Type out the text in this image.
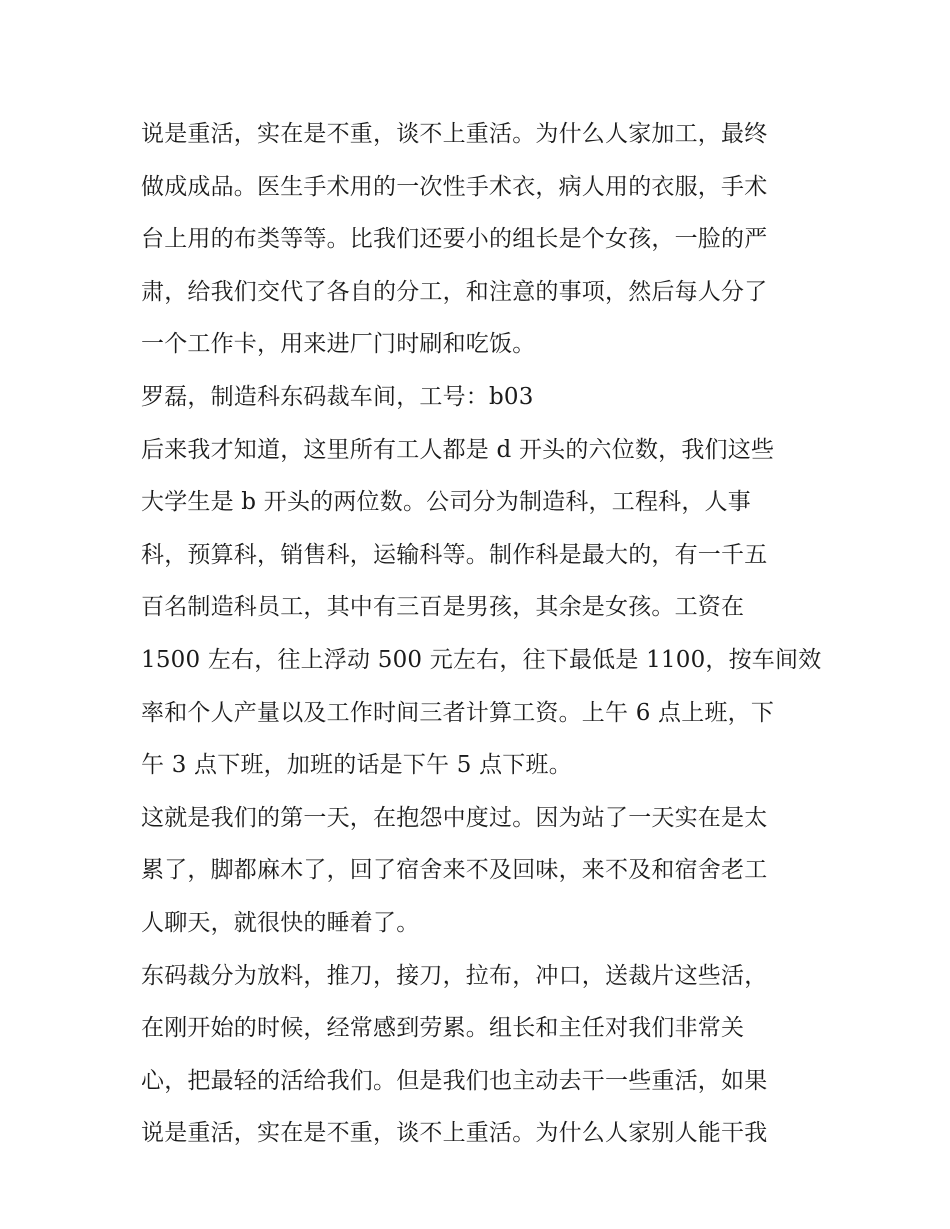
说是重活，实在是不重，谈不上重活。为什么人家加工，最终
做成成品。医生手术用的一次性手术衣，病人用的衣服，手术
台上用的布类等等。比我们还要小的组长是个女孩，一脸的严
肃，给我们交代了各自的分工，和注意的事项，然后每人分了
一个工作卡，用来进厂门时刷和吃饭。
罗磊，制造科东码裁车间，工号：b03
后来我才知道，这里所有工人都是 d 开头的六位数，我们这些
大学生是 b 开头的两位数。公司分为制造科，工程科，人事
科，预算科，销售科，运输科等。制作科是最大的，有一千五
百名制造科员工，其中有三百是男孩，其余是女孩。工资在
1500 左右，往上浮动 500 元左右，往下最低是 1100，按车间效
率和个人产量以及工作时间三者计算工资。上午 6 点上班，下
午 3 点下班，加班的话是下午 5 点下班。
这就是我们的第一天，在抱怨中度过。因为站了一天实在是太
累了，脚都麻木了，回了宿舍来不及回味，来不及和宿舍老工
人聊天，就很快的睡着了。
东码裁分为放料，推刀，接刀，拉布，冲口，送裁片这些活，
在刚开始的时候，经常感到劳累。组长和主任对我们非常关
心，把最轻的活给我们。但是我们也主动去干一些重活，如果
说是重活，实在是不重，谈不上重活。为什么人家别人能干我
